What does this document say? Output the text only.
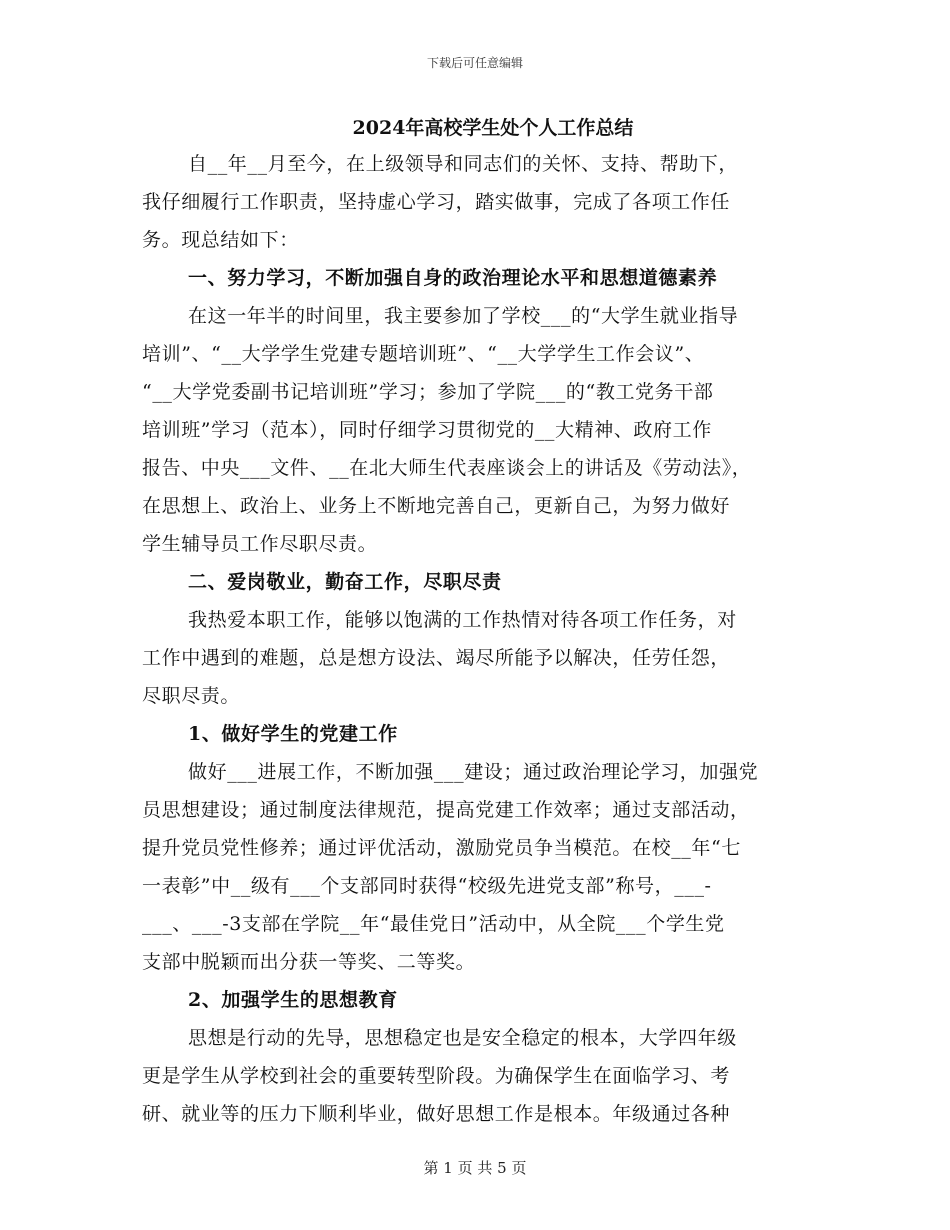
下载后可任意编辑
2024年高校学生处个人工作总结
自__年__月至今，在上级领导和同志们的关怀、支持、帮助下，
我仔细履行工作职责，坚持虚心学习，踏实做事，完成了各项工作任
务。现总结如下：
一、努力学习，不断加强自身的政治理论水平和思想道德素养
在这一年半的时间里，我主要参加了学校___的“大学生就业指导
培训”、“__大学学生党建专题培训班”、“__大学学生工作会议”、
“__大学党委副书记培训班”学习；参加了学院___的“教工党务干部
培训班”学习（范本），同时仔细学习贯彻党的__大精神、政府工作
报告、中央___文件、__在北大师生代表座谈会上的讲话及《劳动法》，
在思想上、政治上、业务上不断地完善自己，更新自己，为努力做好
学生辅导员工作尽职尽责。
二、爱岗敬业，勤奋工作，尽职尽责
我热爱本职工作，能够以饱满的工作热情对待各项工作任务，对
工作中遇到的难题，总是想方设法、竭尽所能予以解决，任劳任怨，
尽职尽责。
1、做好学生的党建工作
做好___进展工作，不断加强___建设；通过政治理论学习，加强党
员思想建设；通过制度法律规范，提高党建工作效率；通过支部活动，
提升党员党性修养；通过评优活动，激励党员争当模范。在校__年“七
一表彰”中__级有___个支部同时获得“校级先进党支部”称号，___-
___、___-3支部在学院__年“最佳党日”活动中，从全院___个学生党
支部中脱颖而出分获一等奖、二等奖。
2、加强学生的思想教育
思想是行动的先导，思想稳定也是安全稳定的根本，大学四年级
更是学生从学校到社会的重要转型阶段。为确保学生在面临学习、考
研、就业等的压力下顺利毕业，做好思想工作是根本。年级通过各种
第 1 页 共 5 页
